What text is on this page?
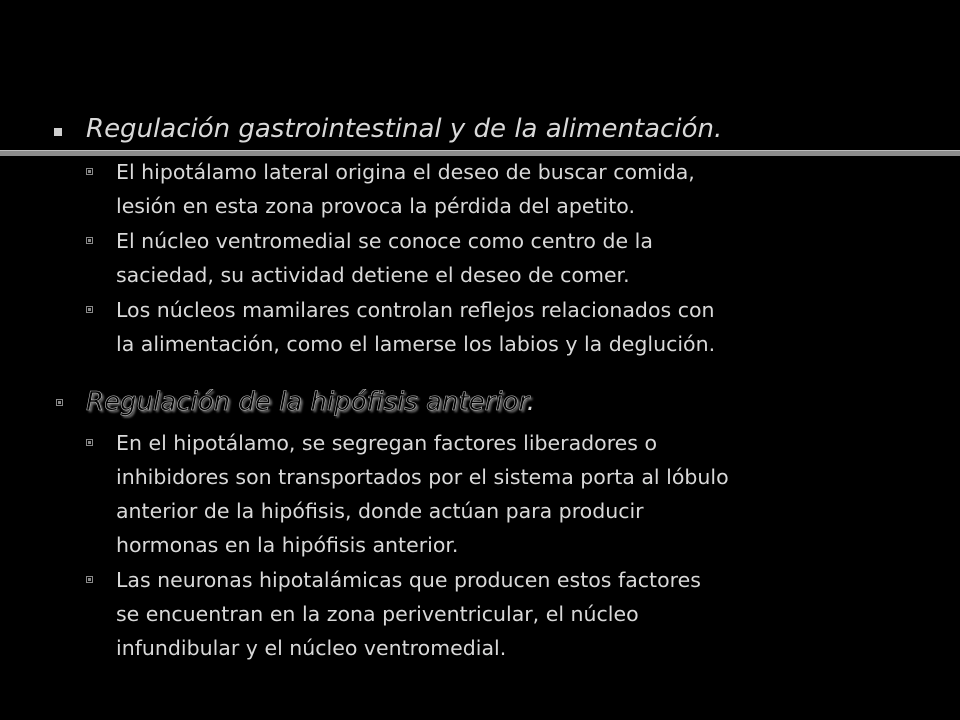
Regulación gastrointestinal y de la alimentación.
El hipotálamo lateral origina el deseo de buscar comida,
lesión en esta zona provoca la pérdida del apetito.
El núcleo ventromedial se conoce como centro de la
saciedad, su actividad detiene el deseo de comer.
Los núcleos mamilares controlan reflejos relacionados con
la alimentación, como el lamerse los labios y la deglución.
Regulación de la hipófisis anterior.
En el hipotálamo, se segregan factores liberadores o
inhibidores son transportados por el sistema porta al lóbulo
anterior de la hipófisis, donde actúan para producir
hormonas en la hipófisis anterior.
Las neuronas hipotalámicas que producen estos factores
se encuentran en la zona periventricular, el núcleo
infundibular y el núcleo ventromedial.
